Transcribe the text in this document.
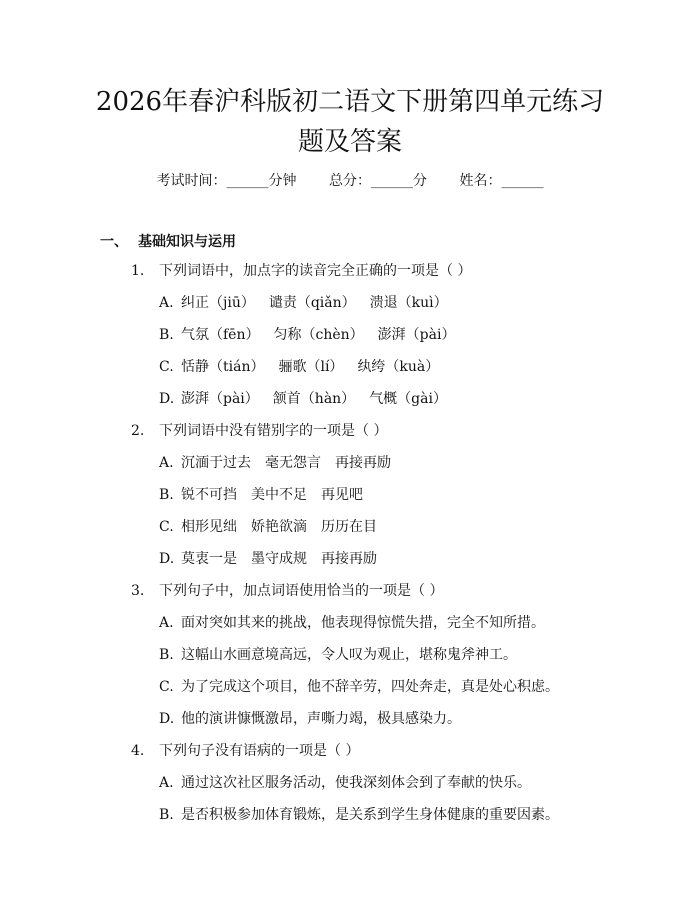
2026年春沪科版初二语文下册第四单元练习
题及答案
考试时间：______分钟 总分：______分 姓名：______
一、 基础知识与运用
1. 下列词语中，加点字的读音完全正确的一项是（ ）
A. 纠正（jiū） 谴责（qiǎn） 溃退（kuì）
B. 气氛（fēn） 匀称（chèn） 澎湃（pài）
C. 恬静（tián） 骊歌（lí） 纨绔（kuà）
D. 澎湃（pài） 颔首（hàn） 气概（gài）
2. 下列词语中没有错别字的一项是（ ）
A. 沉湎于过去 毫无怨言 再接再励
B. 锐不可挡 美中不足 再见吧
C. 相形见绌 娇艳欲滴 历历在目
D. 莫衷一是 墨守成规 再接再励
3. 下列句子中，加点词语使用恰当的一项是（ ）
A. 面对突如其来的挑战，他表现得惊慌失措，完全不知所措。
B. 这幅山水画意境高远，令人叹为观止，堪称鬼斧神工。
C. 为了完成这个项目，他不辞辛劳，四处奔走，真是处心积虑。
D. 他的演讲慷慨激昂，声嘶力竭，极具感染力。
4. 下列句子没有语病的一项是（ ）
A. 通过这次社区服务活动，使我深刻体会到了奉献的快乐。
B. 是否积极参加体育锻炼，是关系到学生身体健康的重要因素。
